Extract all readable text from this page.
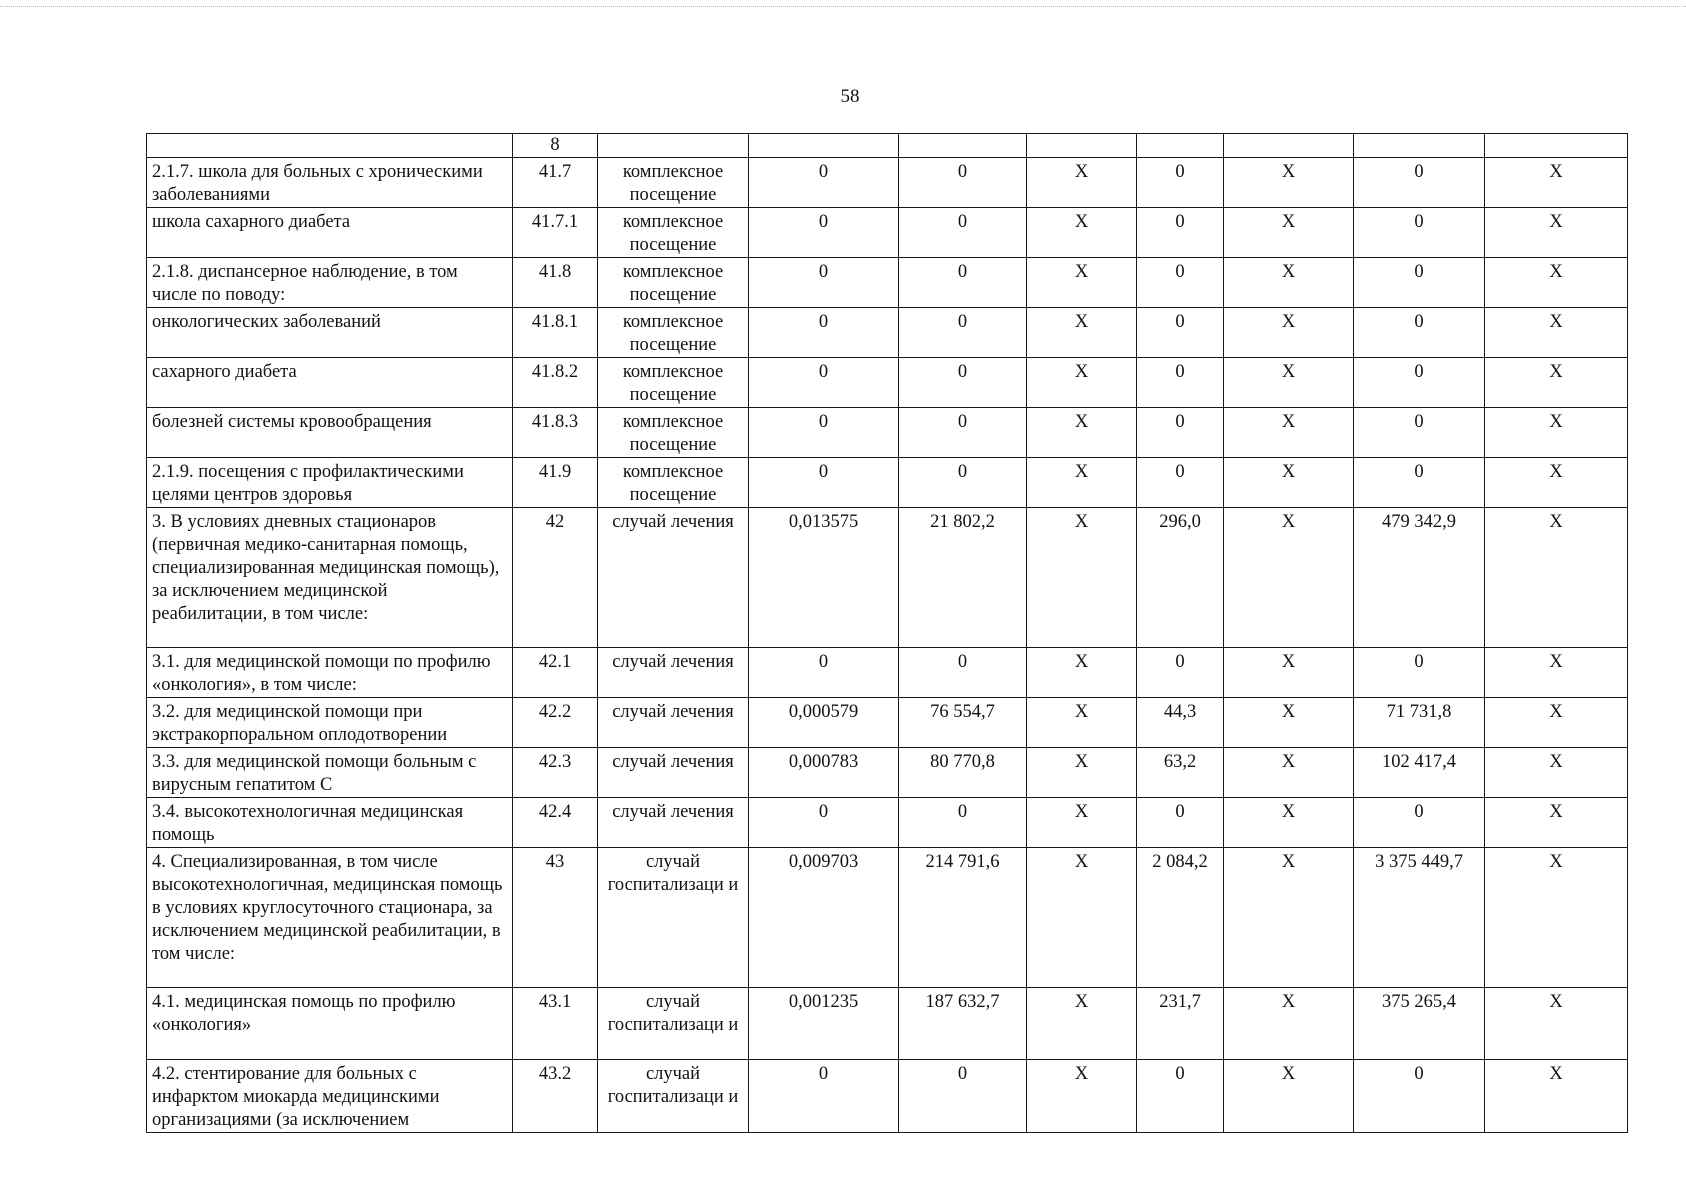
58
	8								
2.1.7. школа для больных с хроническими заболеваниями	41.7	комплексное посещение	0	0	X	0	X	0	X
школа сахарного диабета	41.7.1	комплексное посещение	0	0	X	0	X	0	X
2.1.8. диспансерное наблюдение, в том числе по поводу:	41.8	комплексное посещение	0	0	X	0	X	0	X
онкологических заболеваний	41.8.1	комплексное посещение	0	0	X	0	X	0	X
сахарного диабета	41.8.2	комплексное посещение	0	0	X	0	X	0	X
болезней системы кровообращения	41.8.3	комплексное посещение	0	0	X	0	X	0	X
2.1.9. посещения с профилактическими целями центров здоровья	41.9	комплексное посещение	0	0	X	0	X	0	X
3. В условиях дневных стационаров (первичная медико-санитарная помощь, специализированная медицинская помощь), за исключением медицинской реабилитации, в том числе:	42	случай лечения	0,013575	21 802,2	X	296,0	X	479 342,9	X
3.1. для медицинской помощи по профилю «онкология», в том числе:	42.1	случай лечения	0	0	X	0	X	0	X
3.2. для медицинской помощи при экстракорпоральном оплодотворении	42.2	случай лечения	0,000579	76 554,7	X	44,3	X	71 731,8	X
3.3. для медицинской помощи больным с вирусным гепатитом С	42.3	случай лечения	0,000783	80 770,8	X	63,2	X	102 417,4	X
3.4. высокотехнологичная медицинская помощь	42.4	случай лечения	0	0	X	0	X	0	X
4. Специализированная, в том числе высокотехнологичная, медицинская помощь в условиях круглосуточного стационара, за исключением медицинской реабилитации, в том числе:	43	случай госпитализаци и	0,009703	214 791,6	X	2 084,2	X	3 375 449,7	X
4.1. медицинская помощь по профилю «онкология»	43.1	случай госпитализаци и	0,001235	187 632,7	X	231,7	X	375 265,4	X
4.2. стентирование для больных с инфарктом миокарда медицинскими организациями (за исключением	43.2	случай госпитализаци и	0	0	X	0	X	0	X
